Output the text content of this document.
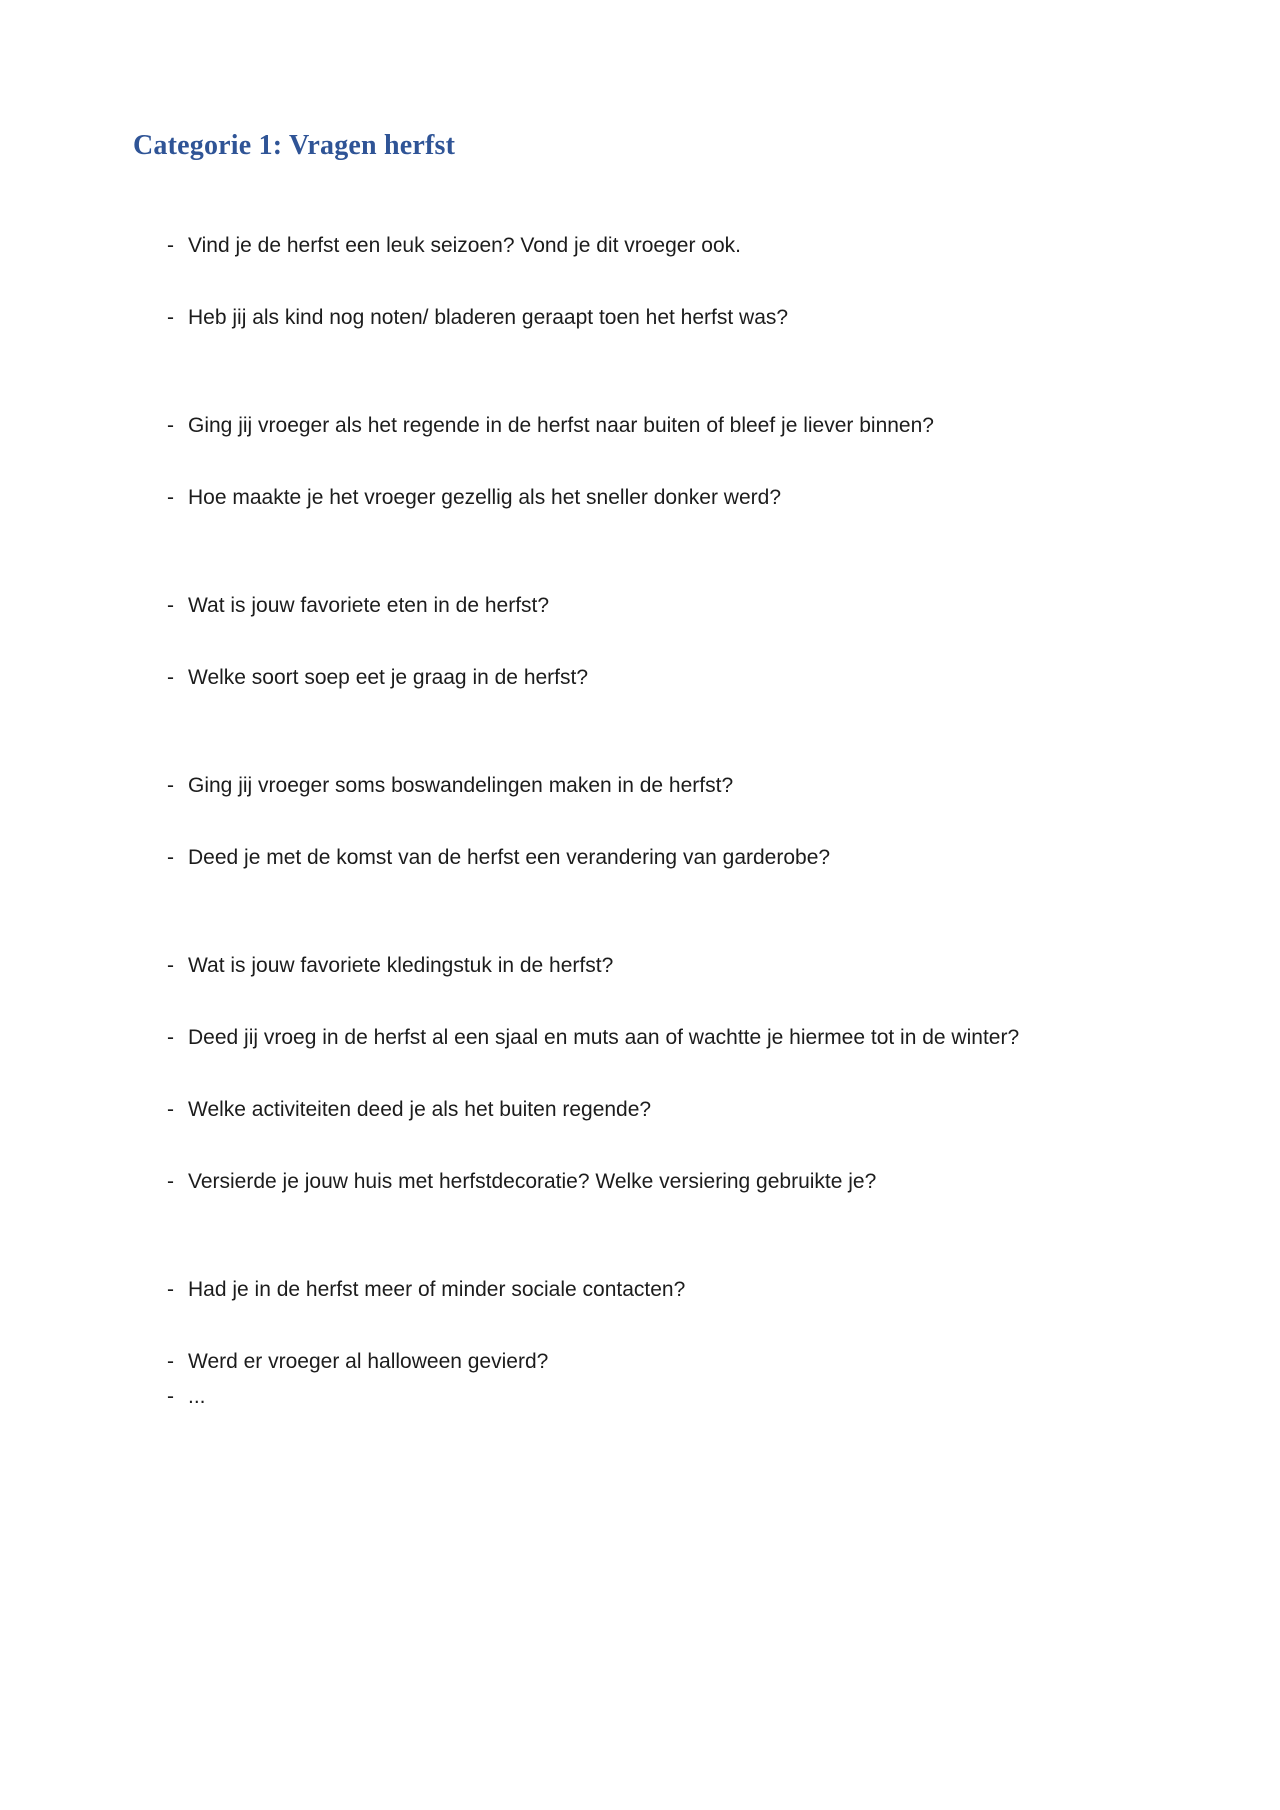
Categorie 1: Vragen herfst
- Vind je de herfst een leuk seizoen? Vond je dit vroeger ook.
- Heb jij als kind nog noten/ bladeren geraapt toen het herfst was?
- Ging jij vroeger als het regende in de herfst naar buiten of bleef je liever binnen?
- Hoe maakte je het vroeger gezellig als het sneller donker werd?
- Wat is jouw favoriete eten in de herfst?
- Welke soort soep eet je graag in de herfst?
- Ging jij vroeger soms boswandelingen maken in de herfst?
- Deed je met de komst van de herfst een verandering van garderobe?
- Wat is jouw favoriete kledingstuk in de herfst?
- Deed jij vroeg in de herfst al een sjaal en muts aan of wachtte je hiermee tot in de winter?
- Welke activiteiten deed je als het buiten regende?
- Versierde je jouw huis met herfstdecoratie? Welke versiering gebruikte je?
- Had je in de herfst meer of minder sociale contacten?
- Werd er vroeger al halloween gevierd?
- ...
